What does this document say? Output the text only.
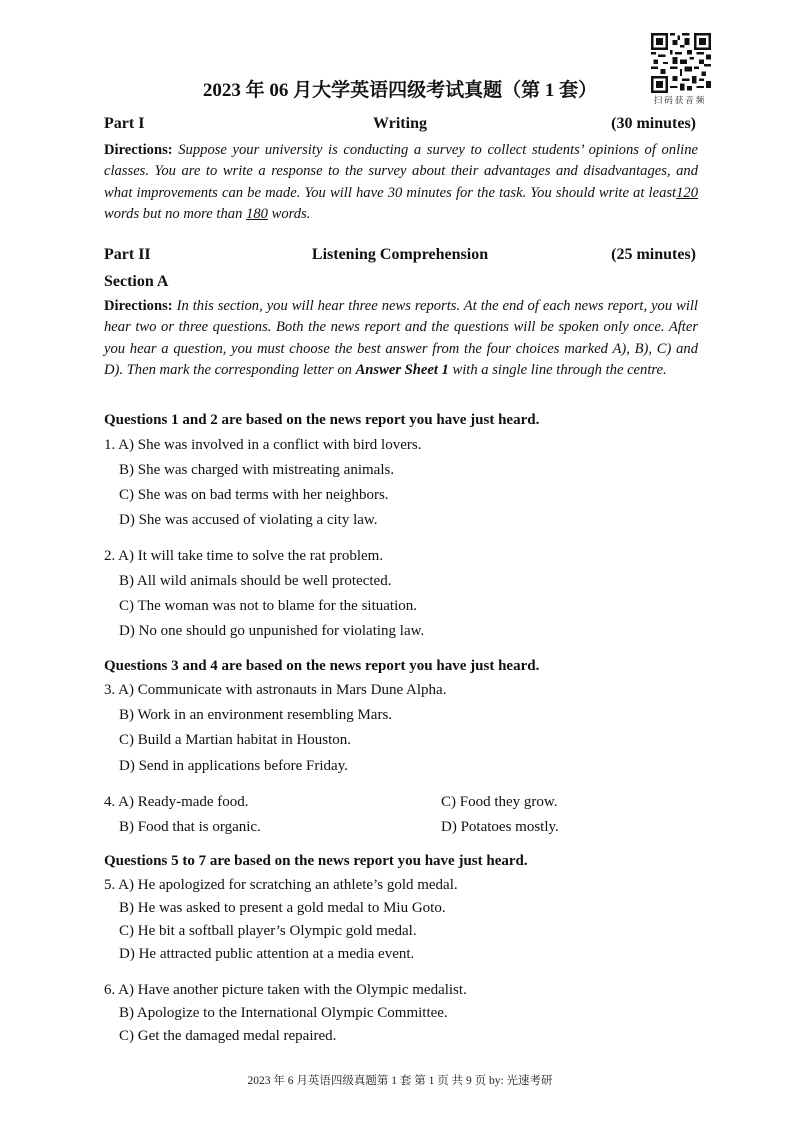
扫码获音频
2023 年 06 月大学英语四级考试真题（第 1 套）
Part I	Writing	(30 minutes)
Directions: Suppose your university is conducting a survey to collect students’ opinions of online classes. You are to write a response to the survey about their advantages and disadvantages, and what improvements can be made. You will have 30 minutes for the task. You should write at least120 words but no more than 180 words.
Part II	Listening Comprehension	(25 minutes)
Section A
Directions: In this section, you will hear three news reports. At the end of each news report, you will hear two or three questions. Both the news report and the questions will be spoken only once. After you hear a question, you must choose the best answer from the four choices marked A), B), C) and D). Then mark the corresponding letter on Answer Sheet 1 with a single line through the centre.
Questions 1 and 2 are based on the news report you have just heard.
1. A) She was involved in a conflict with bird lovers.
B) She was charged with mistreating animals.
C) She was on bad terms with her neighbors.
D) She was accused of violating a city law.
2. A) It will take time to solve the rat problem.
B) All wild animals should be well protected.
C) The woman was not to blame for the situation.
D) No one should go unpunished for violating law.
Questions 3 and 4 are based on the news report you have just heard.
3. A) Communicate with astronauts in Mars Dune Alpha.
B) Work in an environment resembling Mars.
C) Build a Martian habitat in Houston.
D) Send in applications before Friday.
4. A) Ready-made food.
B) Food that is organic.
C) Food they grow.
D) Potatoes mostly.
Questions 5 to 7 are based on the news report you have just heard.
5. A) He apologized for scratching an athlete’s gold medal.
B) He was asked to present a gold medal to Miu Goto.
C) He bit a softball player’s Olympic gold medal.
D) He attracted public attention at a media event.
6. A) Have another picture taken with the Olympic medalist.
B) Apologize to the International Olympic Committee.
C) Get the damaged medal repaired.
2023 年 6 月英语四级真题第 1 套 第 1 页 共 9 页 by: 光速考研
